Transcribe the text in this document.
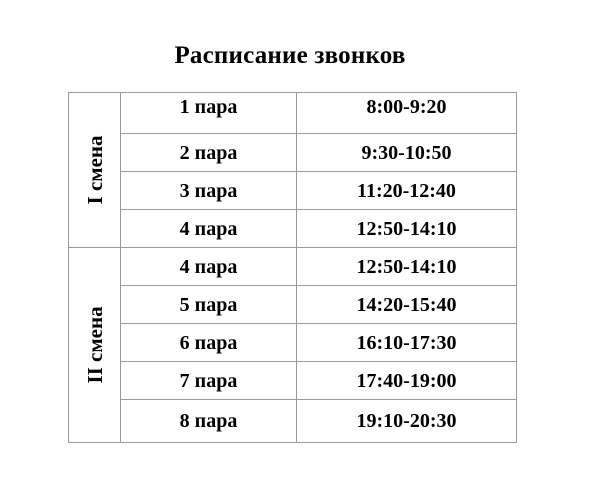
Расписание звонков
I смена	1 пара	8:00-9:20
	2 пара	9:30-10:50
	3 пара	11:20-12:40
	4 пара	12:50-14:10

II смена	4 пара	12:50-14:10
	5 пара	14:20-15:40
	6 пара	16:10-17:30
	7 пара	17:40-19:00
	8 пара	19:10-20:30
